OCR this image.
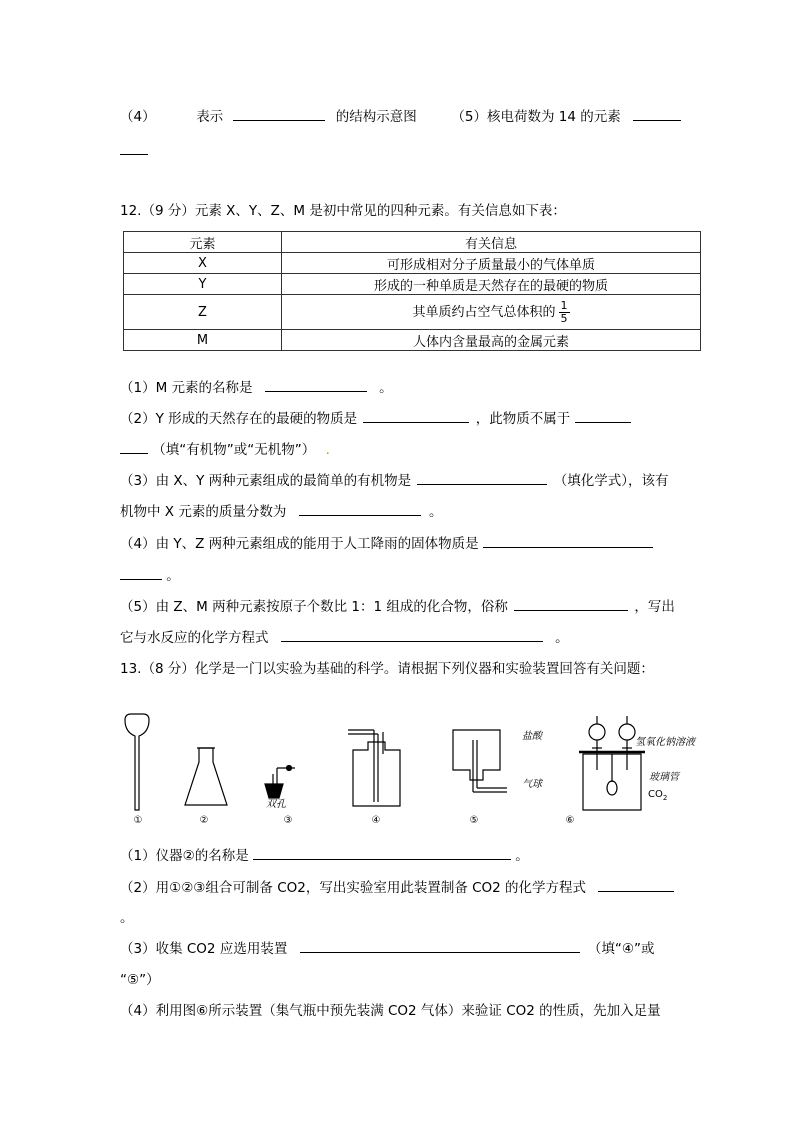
（4）	表示	的结构示意图	（5）核电荷数为 14 的元素
12.（9 分）元素 X、Y、Z、M 是初中常见的四种元素。有关信息如下表：
元素	有关信息
X	可形成相对分子质量最小的气体单质
Y	形成的一种单质是天然存在的最硬的物质
Z	其单质约占空气总体积的 $\frac{1}{5}$

M	人体内含量最高的金属元素
（1）M 元素的名称是	。
（2）Y 形成的天然存在的最硬的物质是	，此物质不属于
（填“有机物”或“无机物”） .
（3）由 X、Y 两种元素组成的最简单的有机物是	（填化学式），该有
机物中 X 元素的质量分数为	。
（4）由 Y、Z 两种元素组成的能用于人工降雨的固体物质是
。
（5）由 Z、M 两种元素按原子个数比 1：1 组成的化合物，俗称	，写出
它与水反应的化学方程式	。
13.（8 分）化学是一门以实验为基础的科学。请根据下列仪器和实验装置回答有关问题：
双孔
盐酸
氢氧化钠溶液
玻璃管
气球
$CO_2$
①	②	③	④	⑤	⑥
（1）仪器②的名称是	。
（2）用①②③组合可制备 CO2，写出实验室用此装置制备 CO2 的化学方程式
。
（3）收集 CO2 应选用装置	（填“④”或
“⑤”）
（4）利用图⑥所示装置（集气瓶中预先装满 CO2 气体）来验证 CO2 的性质，先加入足量
